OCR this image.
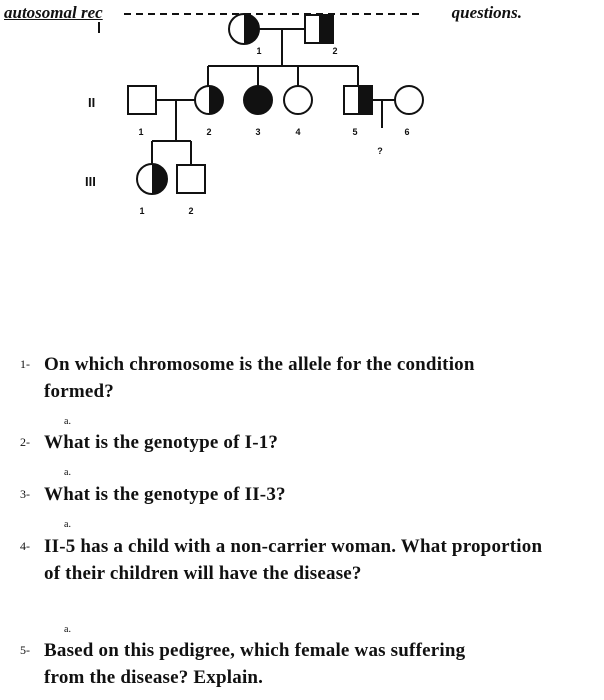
autosomal rec	questions.
II
III
1	2
1	2	3	4	5	6
?
1	2
1- On which chromosome is the allele for the condition formed?
a.
2- What is the genotype of I-1?
a.
3- What is the genotype of II-3?
a.
4- II-5 has a child with a non-carrier woman. What proportion of their children will have the disease?
a.
5- Based on this pedigree, which female was suffering from the disease? Explain.
